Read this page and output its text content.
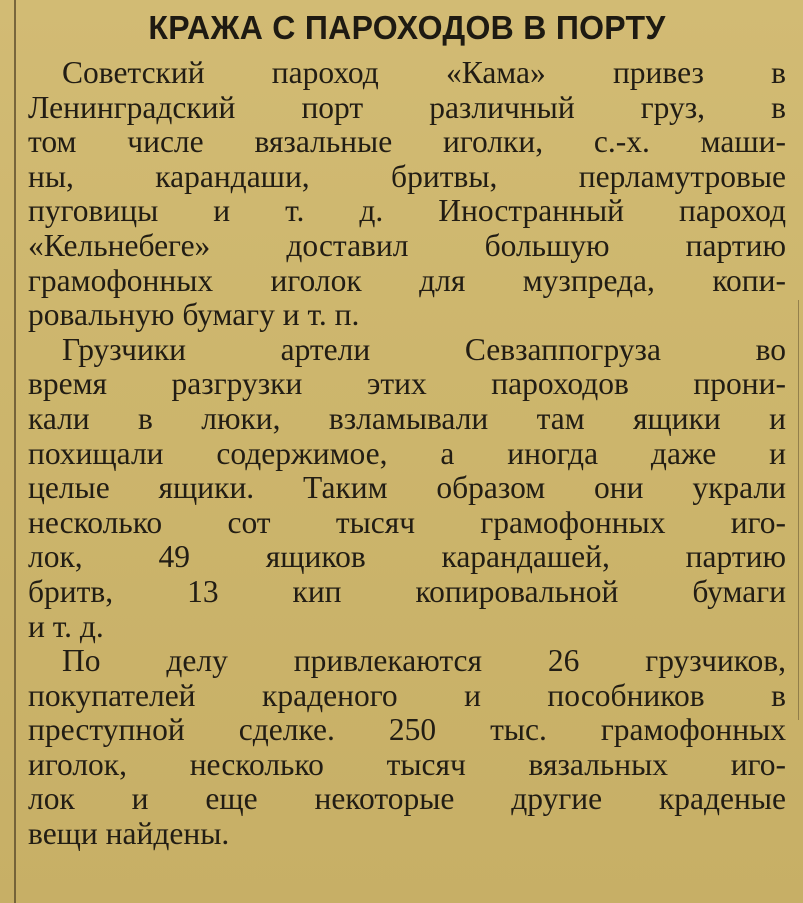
КРАЖА С ПАРОХОДОВ В ПОРТУ
Советский пароход «Кама» привез в
Ленинградский порт различный груз, в
том числе вязальные иголки, с.-х. маши-
ны, карандаши, бритвы, перламутровые
пуговицы и т. д. Иностранный пароход
«Кельнебеге» доставил большую партию
грамофонных иголок для музпреда, копи-
ровальную бумагу и т. п.
Грузчики артели Севзаппогруза во
время разгрузки этих пароходов прони-
кали в люки, взламывали там ящики и
похищали содержимое, а иногда даже и
целые ящики. Таким образом они украли
несколько сот тысяч грамофонных иго-
лок, 49 ящиков карандашей, партию
бритв, 13 кип копировальной бумаги
и т. д.
По делу привлекаются 26 грузчиков,
покупателей краденого и пособников в
преступной сделке. 250 тыс. грамофонных
иголок, несколько тысяч вязальных иго-
лок и еще некоторые другие краденые
вещи найдены.
